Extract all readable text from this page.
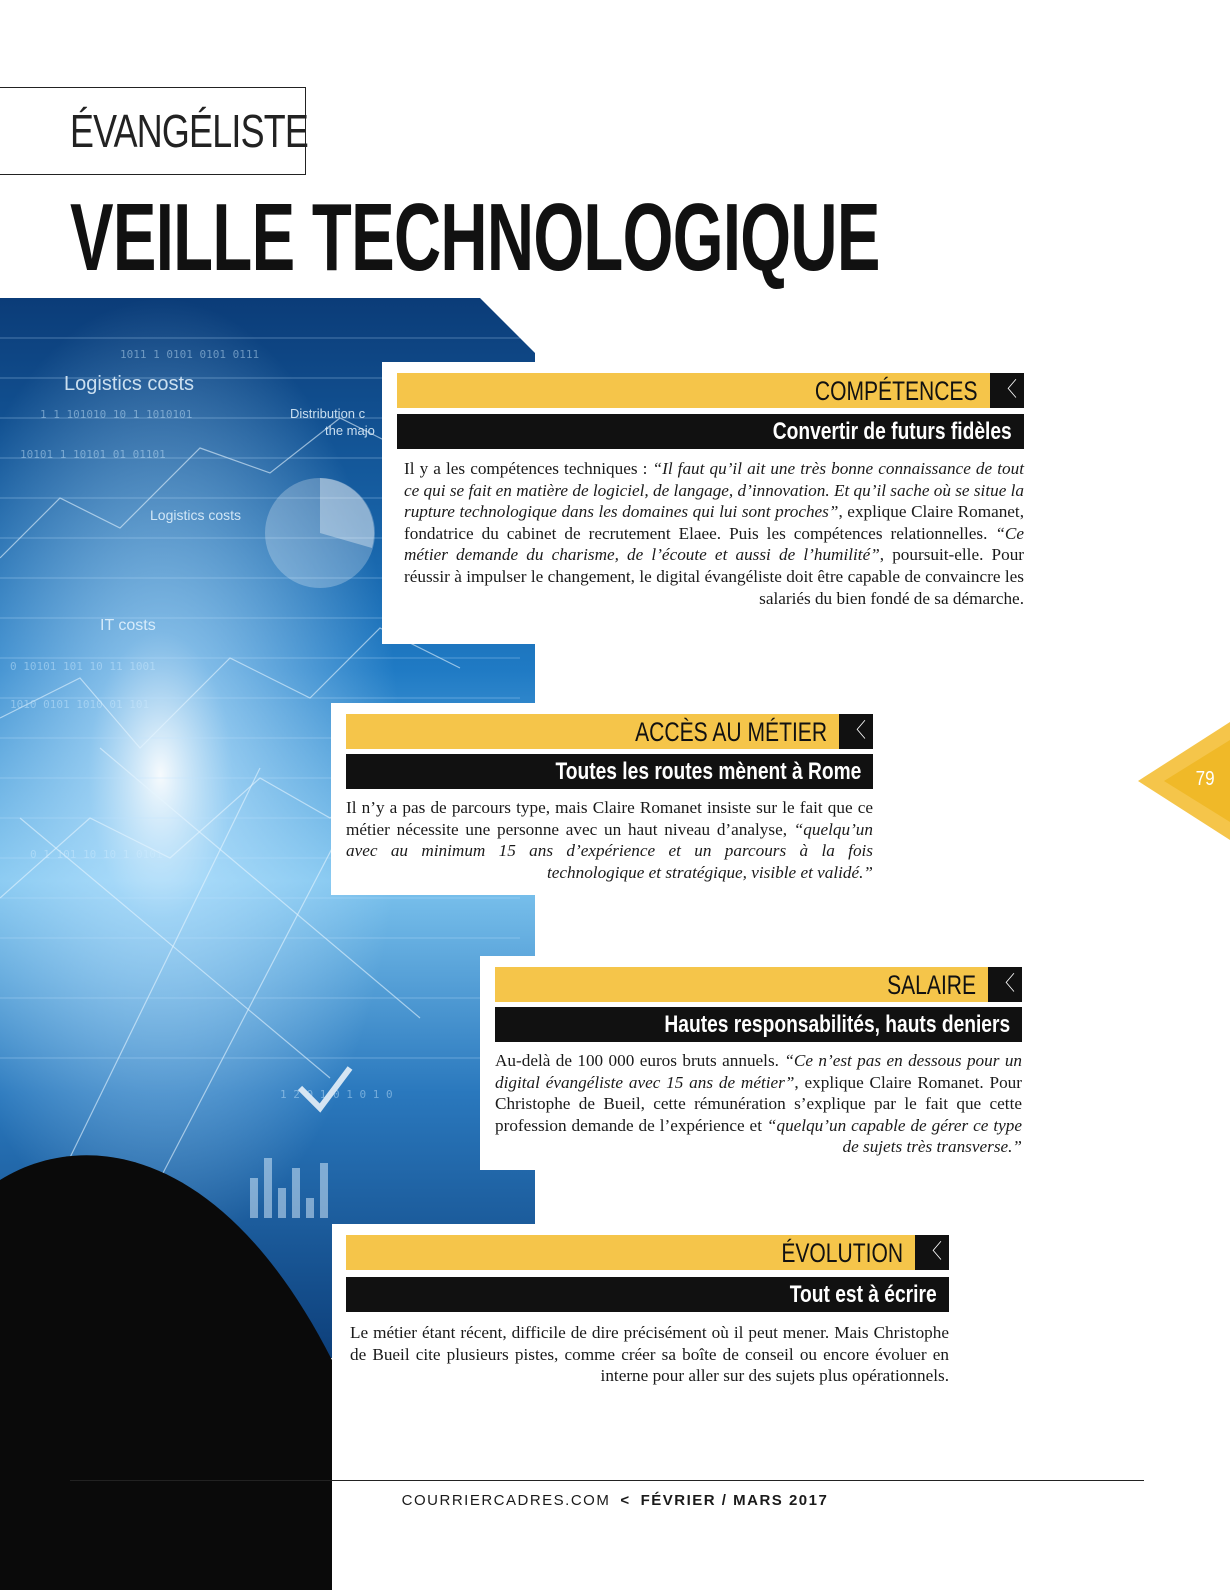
ÉVANGÉLISTE
VEILLE TECHNOLOGIQUE
Logistics costs
Logistics costs
IT costs
Distribution c
the majo
1011 1 0101 0101 0111
1 1 101010 10 1 1010101
10101 1 10101 01 01101
0 10101 101 10 11 1001
1010 0101 1010 01 101
0 1 101 10 10 1 0101
1 2 0 1 0 1 0 1 0
COMPÉTENCES 〈
Convertir de futurs fidèles
Il y a les compétences techniques : “Il faut qu’il ait une très bonne connaissance de tout ce qui se fait en matière de logiciel, de langage, d’innovation. Et qu’il sache où se situe la rupture technologique dans les domaines qui lui sont proches”, explique Claire Romanet, fondatrice du cabinet de recrutement Elaee. Puis les compétences relationnelles. “Ce métier demande du charisme, de l’écoute et aussi de l’humilité”, poursuit-elle. Pour réussir à impulser le changement, le digital évangéliste doit être capable de convaincre les salariés du bien fondé de sa démarche.
ACCÈS AU MÉTIER 〈
Toutes les routes mènent à Rome
Il n’y a pas de parcours type, mais Claire Romanet insiste sur le fait que ce métier nécessite une personne avec un haut niveau d’analyse, “quelqu’un avec au minimum 15 ans d’expérience et un parcours à la fois technologique et stratégique, visible et validé.”
SALAIRE 〈
Hautes responsabilités, hauts deniers
Au-delà de 100 000 euros bruts annuels. “Ce n’est pas en dessous pour un digital évangéliste avec 15 ans de métier”, explique Claire Romanet. Pour Christophe de Bueil, cette rémunération s’explique par le fait que cette profession demande de l’expérience et “quelqu’un capable de gérer ce type de sujets très transverse.”
ÉVOLUTION 〈
Tout est à écrire
Le métier étant récent, difficile de dire précisément où il peut mener. Mais Christophe de Bueil cite plusieurs pistes, comme créer sa boîte de conseil ou encore évoluer en interne pour aller sur des sujets plus opérationnels.
79
COURRIERCADRES.COM < FÉVRIER / MARS 2017
